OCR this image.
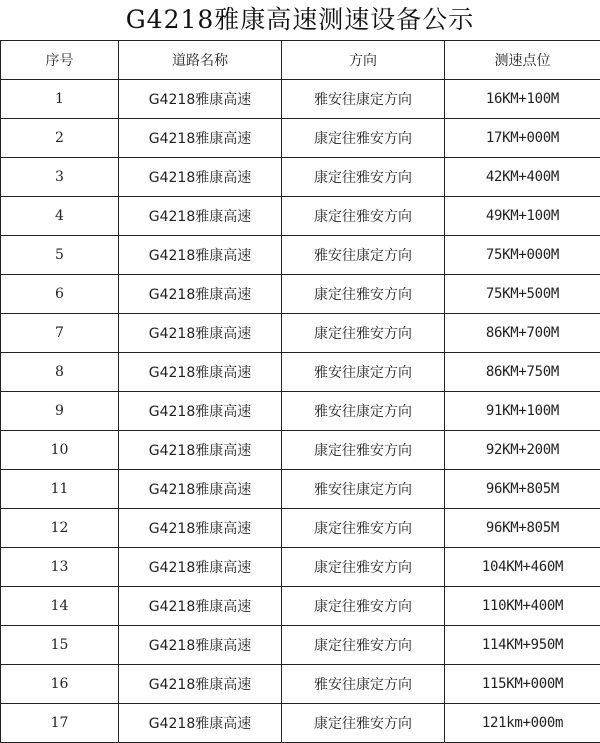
G4218雅康高速测速设备公示
序号	道路名称	方向	测速点位
1	G4218雅康高速	雅安往康定方向	16KM+100M
2	G4218雅康高速	康定往雅安方向	17KM+000M
3	G4218雅康高速	康定往雅安方向	42KM+400M
4	G4218雅康高速	康定往雅安方向	49KM+100M
5	G4218雅康高速	雅安往康定方向	75KM+000M
6	G4218雅康高速	康定往雅安方向	75KM+500M
7	G4218雅康高速	康定往雅安方向	86KM+700M
8	G4218雅康高速	雅安往康定方向	86KM+750M
9	G4218雅康高速	雅安往康定方向	91KM+100M
10	G4218雅康高速	康定往雅安方向	92KM+200M
11	G4218雅康高速	雅安往康定方向	96KM+805M
12	G4218雅康高速	康定往雅安方向	96KM+805M
13	G4218雅康高速	康定往雅安方向	104KM+460M
14	G4218雅康高速	康定往雅安方向	110KM+400M
15	G4218雅康高速	康定往雅安方向	114KM+950M
16	G4218雅康高速	雅安往康定方向	115KM+000M
17	G4218雅康高速	康定往雅安方向	121km+000m
